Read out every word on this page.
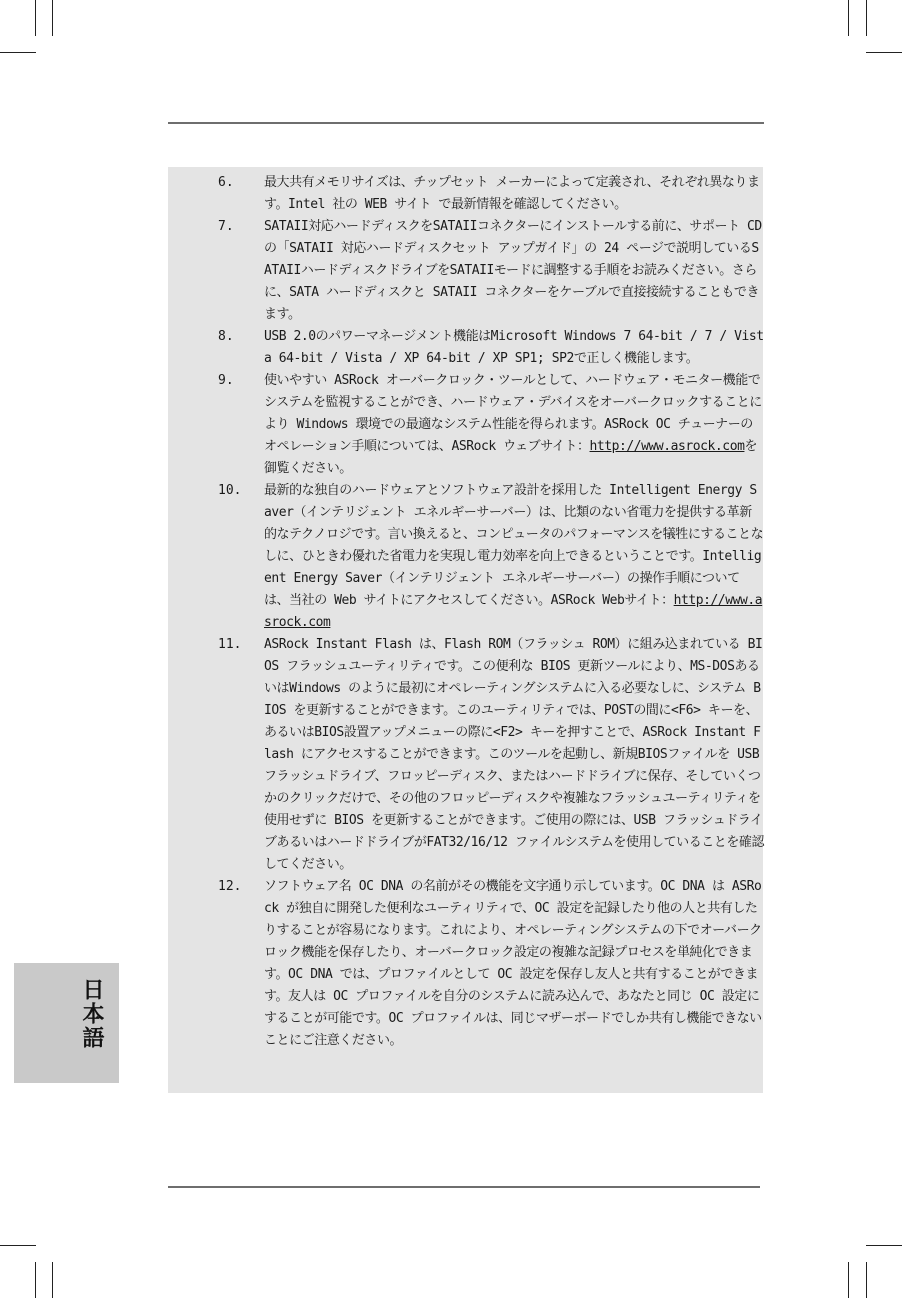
6.	最大共有メモリサイズは、チップセット メーカーによって定義され、それぞれ異なります。Intel 社の WEB サイト で最新情報を確認してください。
7.	SATAII対応ハードディスクをSATAIIコネクターにインストールする前に、サポート CD の「SATAII 対応ハードディスクセット アップガイド」の 24 ページで説明しているSATAIIハードディスクドライブをSATAIIモードに調整する手順をお読みください。さらに、SATA ハードディスクと SATAII コネクターをケーブルで直接接続することもできます。
8.	USB 2.0のパワーマネージメント機能はMicrosoft Windows 7 64-bit / 7 / Vista 64-bit / Vista / XP 64-bit / XP SP1; SP2で正しく機能します。
9.	使いやすい ASRock オーバークロック・ツールとして、ハードウェア・モニター機能でシステムを監視することができ、ハードウェア・デバイスをオーバークロックすることにより Windows 環境での最適なシステム性能を得られます。ASRock OC チューナーのオペレーション手順については、ASRock ウェブサイト：http://www.asrock.comを御覧ください。
10.	最新的な独自のハードウェアとソフトウェア設計を採用した Intelligent Energy Saver（インテリジェント エネルギーサーバー）は、比類のない省電力を提供する革新的なテクノロジです。言い換えると、コンピュータのパフォーマンスを犠牲にすることなしに、ひときわ優れた省電力を実現し電力効率を向上できるということです。Intelligent Energy Saver（インテリジェント エネルギーサーバー）の操作手順については、当社の Web サイトにアクセスしてください。ASRock Webサイト：http://www.asrock.com
11.	ASRock Instant Flash は、Flash ROM（フラッシュ ROM）に組み込まれている BIOS フラッシュユーティリティです。この便利な BIOS 更新ツールにより、MS-DOSあるいはWindows のように最初にオペレーティングシステムに入る必要なしに、システム BIOS を更新することができます。このユーティリティでは、POSTの間に<F6> キーを、あるいはBIOS設置アップメニューの際に<F2> キーを押すことで、ASRock Instant Flash にアクセスすることができます。このツールを起動し、新規BIOSファイルを USB フラッシュドライブ、フロッピーディスク、またはハードドライブに保存、そしていくつかのクリックだけで、その他のフロッピーディスクや複雑なフラッシュユーティリティを使用せずに BIOS を更新することができます。ご使用の際には、USB フラッシュドライブあるいはハードドライブがFAT32/16/12 ファイルシステムを使用していることを確認してください。
12.	ソフトウェア名 OC DNA の名前がその機能を文字通り示しています。OC DNA は ASRock が独自に開発した便利なユーティリティで、OC 設定を記録したり他の人と共有したりすることが容易になります。これにより、オペレーティングシステムの下でオーバークロック機能を保存したり、オーバークロック設定の複雑な記録プロセスを単純化できます。OC DNA では、プロファイルとして OC 設定を保存し友人と共有することができます。友人は OC プロファイルを自分のシステムに読み込んで、あなたと同じ OC 設定にすることが可能です。OC プロファイルは、同じマザーボードでしか共有し機能できないことにご注意ください。
日本語
